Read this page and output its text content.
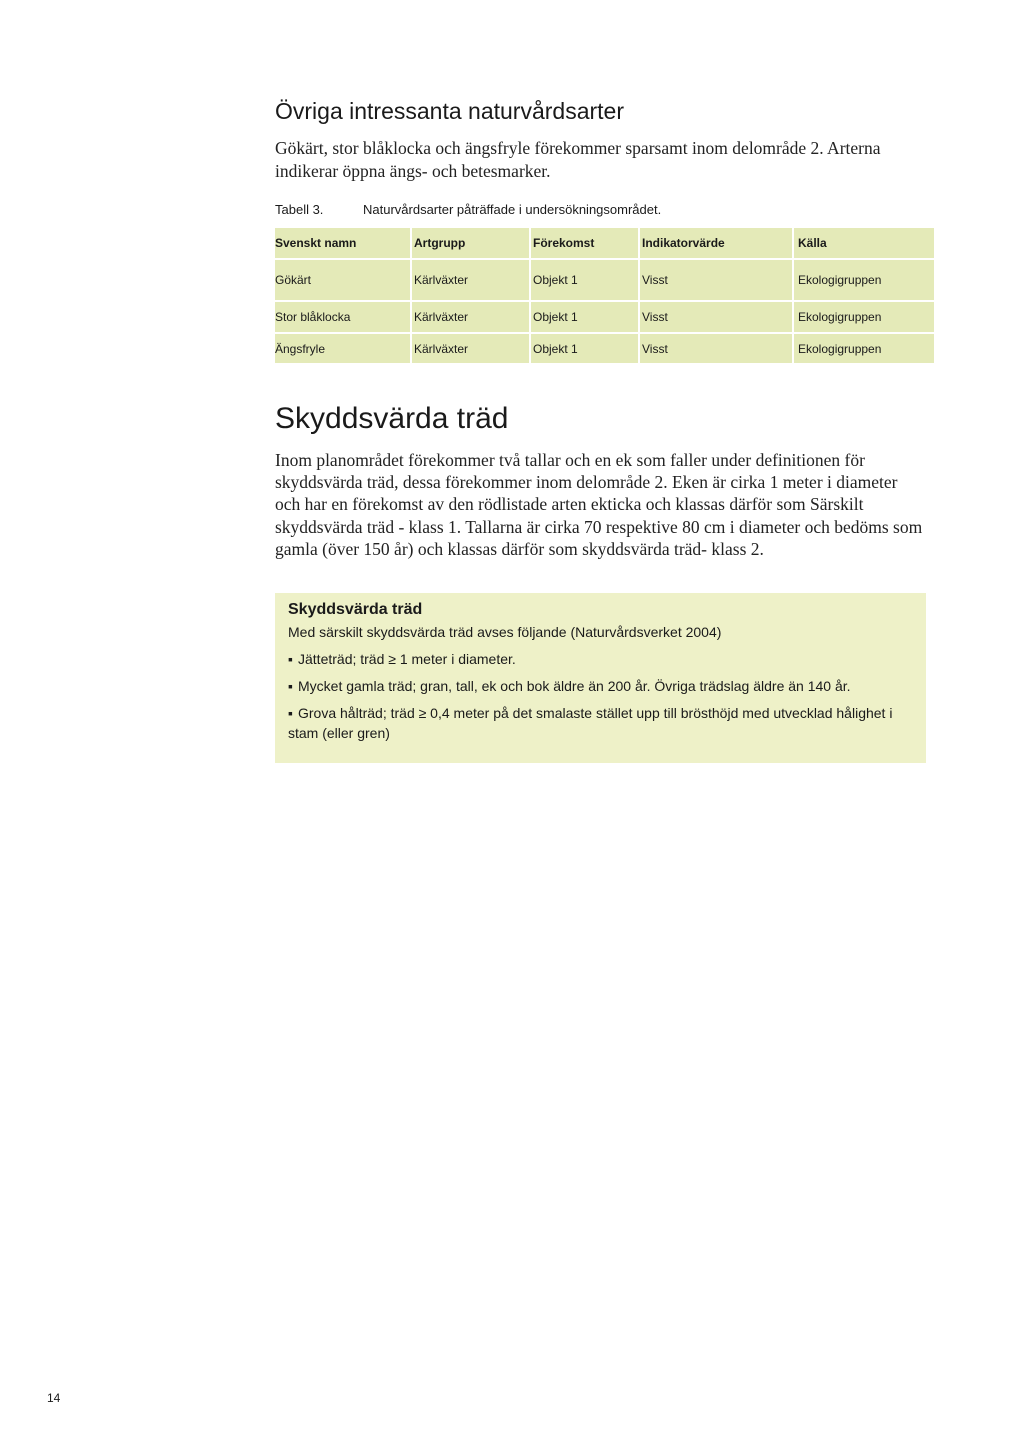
Övriga intressanta naturvårdsarter

Gökärt, stor blåklocka och ängsfryle förekommer sparsamt inom delområde 2. Arterna indikerar öppna ängs- och betesmarker.

Tabell 3.	Naturvårdsarter påträffade i undersökningsområdet.
Svenskt namn	Artgrupp	Förekomst	Indikatorvärde	Källa
Gökärt	Kärlväxter	Objekt 1	Visst	Ekologigruppen
Stor blåklocka	Kärlväxter	Objekt 1	Visst	Ekologigruppen
Ängsfryle	Kärlväxter	Objekt 1	Visst	Ekologigruppen
Skyddsvärda träd

Inom planområdet förekommer två tallar och en ek som faller under definitionen för skyddsvärda träd, dessa förekommer inom delområde 2. Eken är cirka 1 meter i diameter och har en förekomst av den rödlistade arten ekticka och klassas därför som Särskilt skyddsvärda träd - klass 1. Tallarna är cirka 70 respektive 80 cm i diameter och bedöms som gamla (över 150 år) och klassas därför som skyddsvärda träd- klass 2.

Skyddsvärda träd
Med särskilt skyddsvärda träd avses följande (Naturvårdsverket 2004)
▪ Jätteträd; träd ≥ 1 meter i diameter.
▪ Mycket gamla träd; gran, tall, ek och bok äldre än 200 år. Övriga trädslag äldre än 140 år.
▪ Grova hålträd; träd ≥ 0,4 meter på det smalaste stället upp till brösthöjd med utvecklad hålighet i stam (eller gren)
14
